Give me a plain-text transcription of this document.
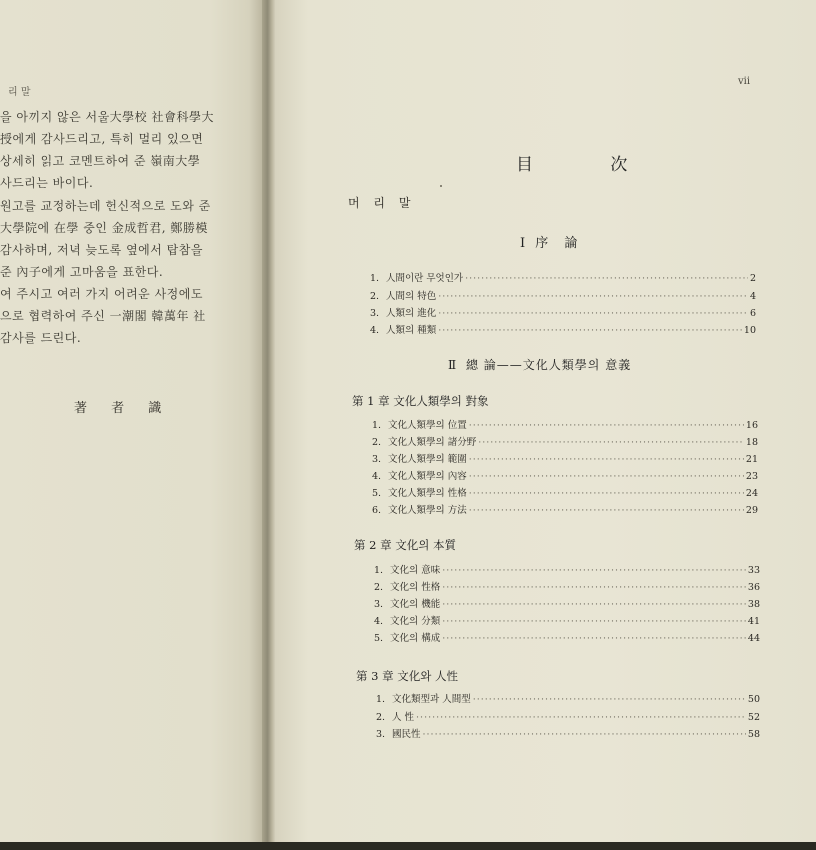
리 말
을 아끼지 않은 서울大學校 社會科學大
授에게 감사드리고, 특히 멀리 있으면
상세히 읽고 코멘트하여 준 嶺南大學
사드리는 바이다.
원고를 교정하는데 헌신적으로 도와 준
大學院에 在學 중인 金成哲君, 鄭勝模
감사하며, 저녁 늦도록 옆에서 탑참을
준 內子에게 고마움을 표한다.
여 주시고 여러 가지 어려운 사정에도
으로 협력하여 주신 一潮閣 韓萬年 社
감사를 드린다.
著 者 識
vii
目 次
머 리 말
Ⅰ 序 論
1. 人間이란 무엇인가 ·····	2
2. 人間의 特色 ·····	4
3. 人類의 進化 ·····	6
4. 人類의 種類 ·····	10
Ⅱ 總 論——文化人類學의 意義
第 1 章 文化人類學의 對象
1. 文化人類學의 位置 ·····	16
2. 文化人類學의 諸分野 ·····	18
3. 文化人類學의 範圍 ·····	21
4. 文化人類學의 內容 ·····	23
5. 文化人類學의 性格 ·····	24
6. 文化人類學의 方法 ·····	29
第 2 章 文化의 本質
1. 文化의 意味 ·····	33
2. 文化의 性格 ·····	36
3. 文化의 機能 ·····	38
4. 文化의 分類 ·····	41
5. 文化의 構成 ·····	44
第 3 章 文化와 人性
1. 文化類型과 人間型 ·····	50
2. 人 性 ·····	52
3. 國民性 ·····	58
